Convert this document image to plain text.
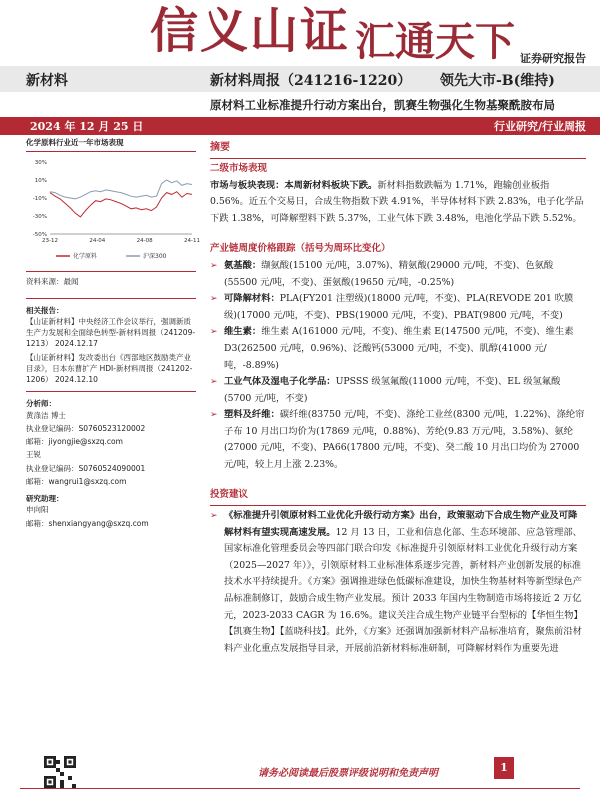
信义山证 汇通天下 证券研究报告
新材料	新材料周报（241216-1220） 领先大市-B(维持)
原材料工业标准提升行动方案出台，凯赛生物强化生物基聚酰胺布局
2024 年 12 月 25 日	行业研究/行业周报
化学原料行业近一年市场表现
30%
10%
-10%
-30%
-50%
23-12	24-04	24-08	24-11
化学原料	沪深300
资料来源：最闻
相关报告：

【山证新材料】中央经济工作会议举行，强调新质生产力发展和全面绿色转型-新材料周报（241209-1213） 2024.12.17

【山证新材料】发改委出台《西部地区鼓励类产业目录》，日本东曹扩产 HDI-新材料周报（241202-1206） 2024.12.10

分析师：

黄涤洁 博士

执业登记编码：S0760523120002

邮箱：jiyongjie@sxzq.com

王锐

执业登记编码：S0760524090001

邮箱：wangrui1@sxzq.com

研究助理：

申向阳

邮箱：shenxiangyang@sxzq.com

摘要
二级市场表现
市场与板块表现：本周新材料板块下跌。新材料指数跌幅为 1.71%，跑输创业板指 0.56%。近五个交易日，合成生物指数下跌 4.91%，半导体材料下跌 2.83%，电子化学品下跌 1.38%，可降解塑料下跌 5.37%，工业气体下跌 3.48%，电池化学品下跌 5.52%。
产业链周度价格跟踪（括号为周环比变化）
➢ 氨基酸：缬氨酸(15100 元/吨，3.07%)、精氨酸(29000 元/吨，不变)、色氨酸(55500 元/吨，不变)、蛋氨酸(19650 元/吨，-0.25%)
➢ 可降解材料：PLA(FY201 注塑级)(18000 元/吨，不变)、PLA(REVODE 201 吹膜级)(17000 元/吨，不变)、PBS(19000 元/吨，不变)、PBAT(9800 元/吨，不变)
➢ 维生素：维生素 A(161000 元/吨，不变)、维生素 E(147500 元/吨，不变)、维生素 D3(262500 元/吨，0.96%)、泛酸钙(53000 元/吨，不变)、肌醇(41000 元/吨，-8.89%)
➢ 工业气体及湿电子化学品：UPSSS 级氢氟酸(11000 元/吨，不变)、EL 级氢氟酸(5700 元/吨，不变)
➢ 塑料及纤维：碳纤维(83750 元/吨，不变)、涤纶工业丝(8300 元/吨，1.22%)、涤纶帘子布 10 月出口均价为(17869 元/吨，0.88%)、芳纶(9.83 万元/吨，3.58%)、氨纶(27000 元/吨，不变)、PA66(17800 元/吨，不变)、癸二酸 10 月出口均价为 27000 元/吨，较上月上涨 2.23%。
投资建议
➢ 《标准提升引领原材料工业优化升级行动方案》出台，政策驱动下合成生物产业及可降解材料有望实现高速发展。12 月 13 日，工业和信息化部、生态环境部、应急管理部、国家标准化管理委员会等四部门联合印发《标准提升引领原材料工业优化升级行动方案（2025—2027 年）》，引领原材料工业标准体系逐步完善，新材料产业创新发展的标准技术水平持续提升。《方案》强调推进绿色低碳标准建设，加快生物基材料等新型绿色产品标准制修订，鼓励合成生物产业发展。预计 2033 年国内生物制造市场将接近 2 万亿元，2023-2033 CAGR 为 16.6%。建议关注合成生物产业链平台型标的【华恒生物】【凯赛生物】【蓝晓科技】。此外，《方案》还强调加强新材料产品标准培育，聚焦前沿材料产业化重点发展指导目录，开展前沿新材料标准研制，可降解材料作为重要先进
请务必阅读最后股票评级说明和免责声明	1
